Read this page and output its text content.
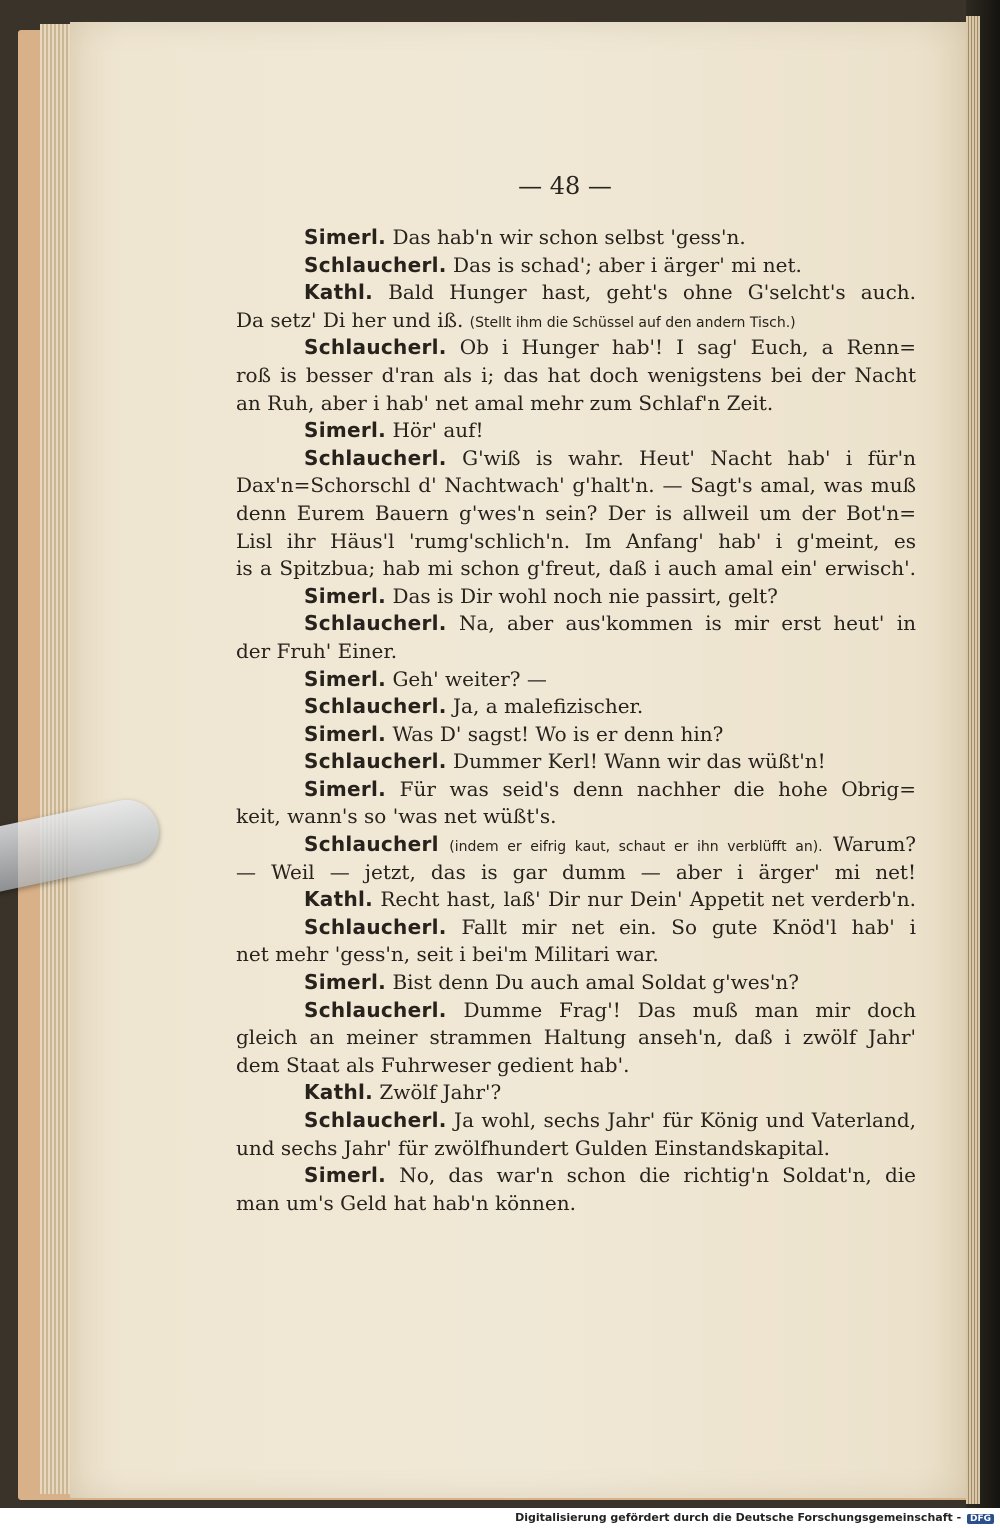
— 48 —
Simerl. Das hab'n wir schon selbst 'gess'n.
Schlaucherl. Das is schad'; aber i ärger' mi net.
Kathl. Bald Hunger hast, geht's ohne G'selcht's auch.
Da setz' Di her und iß. (Stellt ihm die Schüssel auf den andern Tisch.)
Schlaucherl. Ob i Hunger hab'! I sag' Euch, a Renn=
roß is besser d'ran als i; das hat doch wenigstens bei der Nacht
an Ruh, aber i hab' net amal mehr zum Schlaf'n Zeit.
Simerl. Hör' auf!
Schlaucherl. G'wiß is wahr. Heut' Nacht hab' i für'n
Dax'n=Schorschl d' Nachtwach' g'halt'n. — Sagt's amal, was muß
denn Eurem Bauern g'wes'n sein? Der is allweil um der Bot'n=
Lisl ihr Häus'l 'rumg'schlich'n. Im Anfang' hab' i g'meint, es
is a Spitzbua; hab mi schon g'freut, daß i auch amal ein' erwisch'.
Simerl. Das is Dir wohl noch nie passirt, gelt?
Schlaucherl. Na, aber aus'kommen is mir erst heut' in
der Fruh' Einer.
Simerl. Geh' weiter? —
Schlaucherl. Ja, a malefizischer.
Simerl. Was D' sagst! Wo is er denn hin?
Schlaucherl. Dummer Kerl! Wann wir das wüßt'n!
Simerl. Für was seid's denn nachher die hohe Obrig=
keit, wann's so 'was net wüßt's.
Schlaucherl (indem er eifrig kaut, schaut er ihn verblüfft an). Warum?
— Weil — jetzt, das is gar dumm — aber i ärger' mi net!
Kathl. Recht hast, laß' Dir nur Dein' Appetit net verderb'n.
Schlaucherl. Fallt mir net ein. So gute Knöd'l hab' i
net mehr 'gess'n, seit i bei'm Militari war.
Simerl. Bist denn Du auch amal Soldat g'wes'n?
Schlaucherl. Dumme Frag'! Das muß man mir doch
gleich an meiner strammen Haltung anseh'n, daß i zwölf Jahr'
dem Staat als Fuhrweser gedient hab'.
Kathl. Zwölf Jahr'?
Schlaucherl. Ja wohl, sechs Jahr' für König und Vaterland,
und sechs Jahr' für zwölfhundert Gulden Einstandskapital.
Simerl. No, das war'n schon die richtig'n Soldat'n, die
man um's Geld hat hab'n können.
Digitalisierung gefördert durch die Deutsche Forschungsgemeinschaft - DFG
